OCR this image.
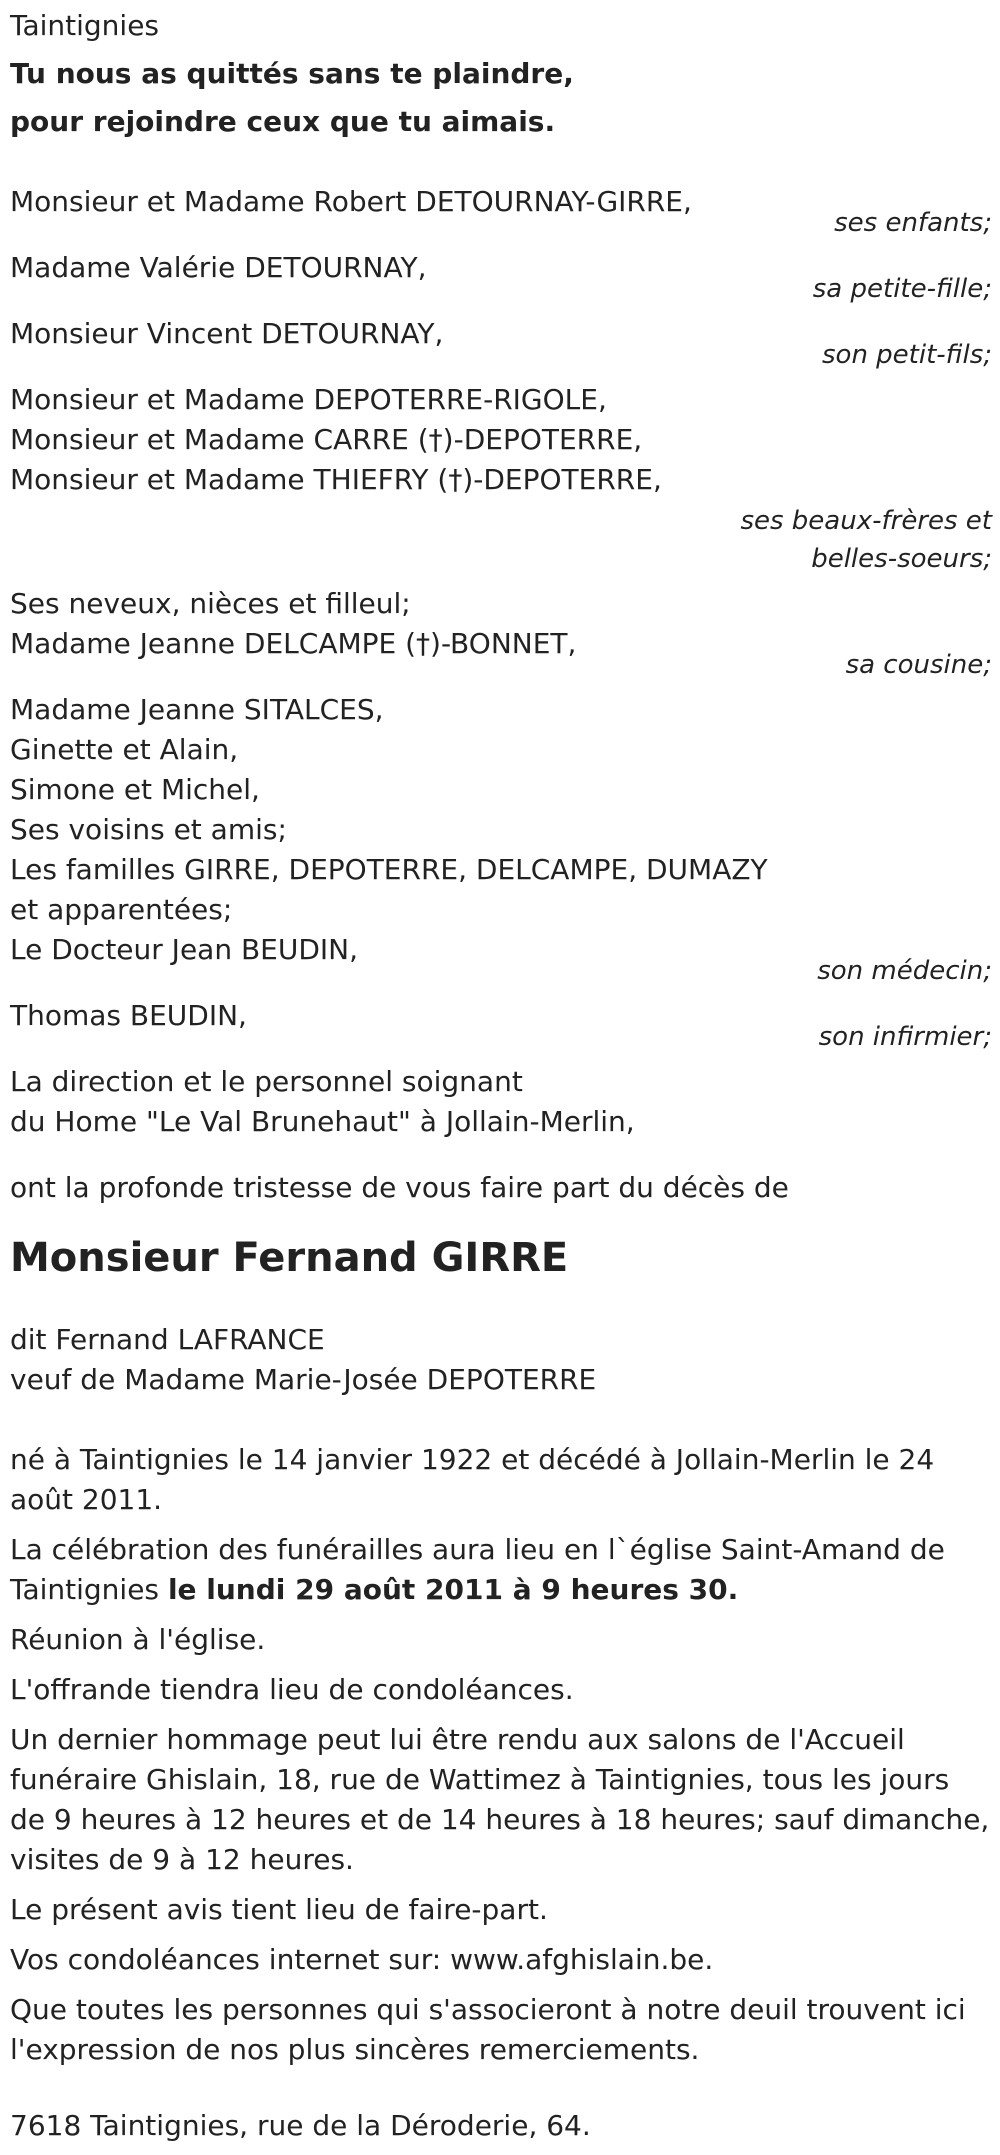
Taintignies
Tu nous as quittés sans te plaindre,
pour rejoindre ceux que tu aimais.
Monsieur et Madame Robert DETOURNAY-GIRRE,
ses enfants;
Madame Valérie DETOURNAY,
sa petite-fille;
Monsieur Vincent DETOURNAY,
son petit-fils;
Monsieur et Madame DEPOTERRE-RIGOLE,
Monsieur et Madame CARRE (†)-DEPOTERRE,
Monsieur et Madame THIEFRY (†)-DEPOTERRE,
ses beaux-frères et
belles-soeurs;
Ses neveux, nièces et filleul;
Madame Jeanne DELCAMPE (†)-BONNET,
sa cousine;
Madame Jeanne SITALCES,
Ginette et Alain,
Simone et Michel,
Ses voisins et amis;
Les familles GIRRE, DEPOTERRE, DELCAMPE, DUMAZY
et apparentées;
Le Docteur Jean BEUDIN,
son médecin;
Thomas BEUDIN,
son infirmier;
La direction et le personnel soignant
du Home "Le Val Brunehaut" à Jollain-Merlin,
ont la profonde tristesse de vous faire part du décès de
Monsieur Fernand GIRRE
dit Fernand LAFRANCE
veuf de Madame Marie-Josée DEPOTERRE

né à Taintignies le 14 janvier 1922 et décédé à Jollain-Merlin le 24 août 2011.

La célébration des funérailles aura lieu en l`église Saint-Amand de Taintignies le lundi 29 août 2011 à 9 heures 30.

Réunion à l'église.

L'offrande tiendra lieu de condoléances.

Un dernier hommage peut lui être rendu aux salons de l'Accueil funéraire Ghislain, 18, rue de Wattimez à Taintignies, tous les jours de 9 heures à 12 heures et de 14 heures à 18 heures; sauf dimanche, visites de 9 à 12 heures.

Le présent avis tient lieu de faire-part.

Vos condoléances internet sur: www.afghislain.be.

Que toutes les personnes qui s'associeront à notre deuil trouvent ici l'expression de nos plus sincères remerciements.

7618 Taintignies, rue de la Déroderie, 64.
